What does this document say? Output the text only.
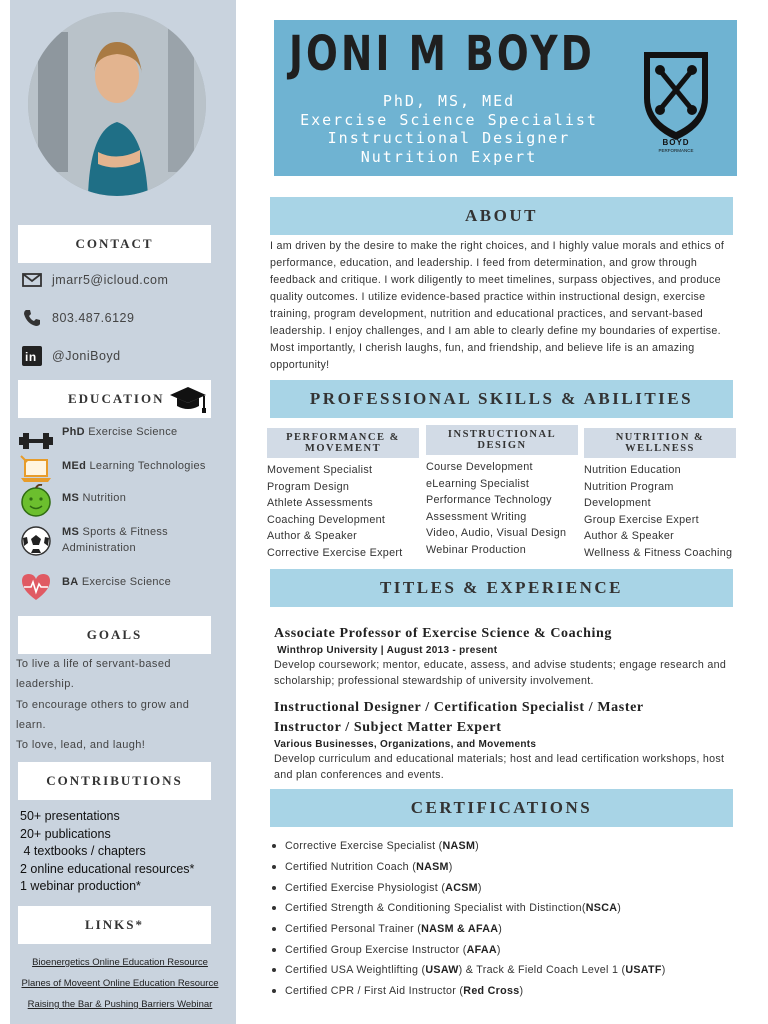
CONTACT
jmarr5@icloud.com
803.487.6129
in @JoniBoyd
EDUCATION
PhD Exercise Science
MEd Learning Technologies
MS Nutrition
MS Sports & Fitness Administration
BA Exercise Science
GOALS
To live a life of servant-based leadership.
To encourage others to grow and learn.
To love, lead, and laugh!
CONTRIBUTIONS
50+ presentations
20+ publications
4 textbooks / chapters
2 online educational resources*
1 webinar production*
LINKS*
Bioenergetics Online Education Resource
Planes of Moveent Online Education Resource
Raising the Bar & Pushing Barriers Webinar
JONI M BOYD
PhD, MS, MEd
Exercise Science Specialist
Instructional Designer
Nutrition Expert
BOYD
PERFORMANCE
ABOUT
I am driven by the desire to make the right choices, and I highly value morals and ethics of performance, education, and leadership. I feed from determination, and grow through feedback and critique. I work diligently to meet timelines, surpass objectives, and produce quality outcomes. I utilize evidence-based practice within instructional design, exercise training, program development, nutrition and educational practices, and servant-based leadership. I enjoy challenges, and I am able to clearly define my boundaries of expertise. Most importantly, I cherish laughs, fun, and friendship, and believe life is an amazing opportunity!
PROFESSIONAL SKILLS & ABILITIES
PERFORMANCE &
MOVEMENT
Movement Specialist
Program Design
Athlete Assessments
Coaching Development
Author & Speaker
Corrective Exercise Expert
INSTRUCTIONAL
DESIGN
Course Development
eLearning Specialist
Performance Technology
Assessment Writing
Video, Audio, Visual Design
Webinar Production
NUTRITION &
WELLNESS
Nutrition Education
Nutrition Program
Development
Group Exercise Expert
Author & Speaker
Wellness & Fitness Coaching
TITLES & EXPERIENCE
Associate Professor of Exercise Science & Coaching
Winthrop University | August 2013 - present
Develop coursework; mentor, educate, assess, and advise students; engage research and scholarship; professional stewardship of university involvement.
Instructional Designer / Certification Specialist / Master Instructor / Subject Matter Expert
Various Businesses, Organizations, and Movements
Develop curriculum and educational materials; host and lead certification workshops, host and plan conferences and events.
CERTIFICATIONS
Corrective Exercise Specialist ( NASM )
Certified Nutrition Coach ( NASM )
Certified Exercise Physiologist ( ACSM )
Certified Strength & Conditioning Specialist with Distinction( NSCA )
Certified Personal Trainer ( NASM & AFAA )
Certified Group Exercise Instructor ( AFAA )
Certified USA Weightlifting ( USAW ) & Track & Field Coach Level 1 ( USATF )
Certified CPR / First Aid Instructor ( Red Cross )
